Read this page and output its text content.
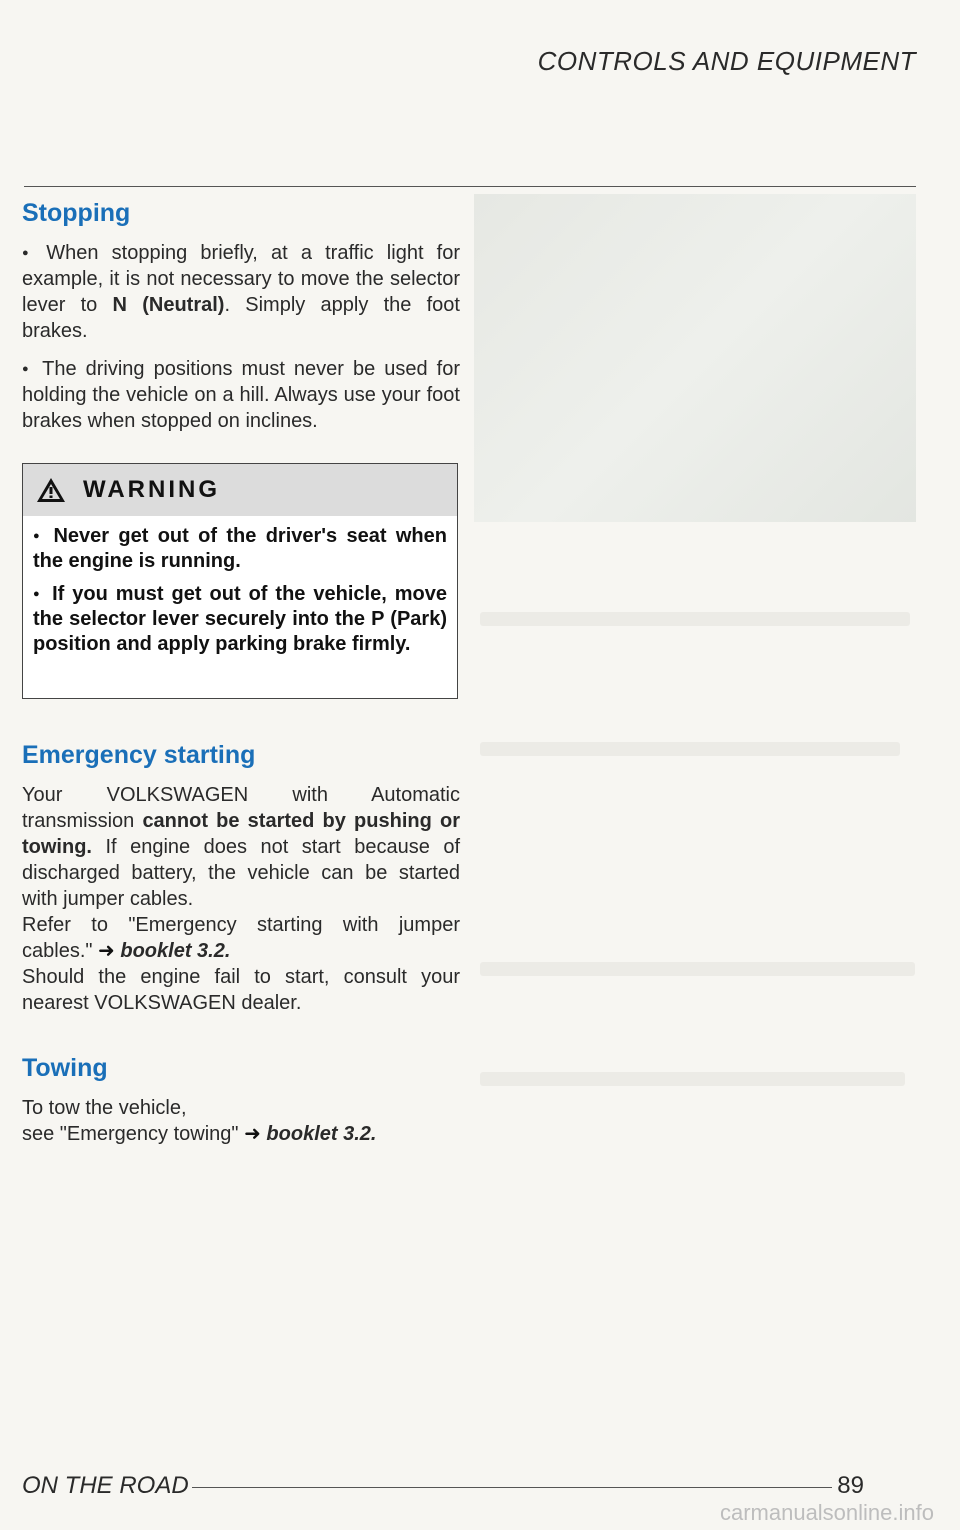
CONTROLS AND EQUIPMENT
Stopping

● When stopping briefly, at a traffic light for example, it is not necessary to move the selector lever to N (Neutral). Simply apply the foot brakes.

● The driving positions must never be used for holding the vehicle on a hill. Always use your foot brakes when stopped on inclines.

WARNING

● Never get out of the driver's seat when the engine is running.

● If you must get out of the vehicle, move the selector lever securely into the P (Park) position and apply parking brake firmly.

Emergency starting

Your VOLKSWAGEN with Automatic transmission cannot be started by pushing or towing. If engine does not start because of discharged battery, the vehicle can be started with jumper cables.

Refer to "Emergency starting with jumper cables." ➜ booklet 3.2.

Should the engine fail to start, consult your nearest VOLKSWAGEN dealer.

Towing

To tow the vehicle,

see "Emergency towing" ➜ booklet 3.2.

ON THE ROAD	89
carmanualsonline.info
